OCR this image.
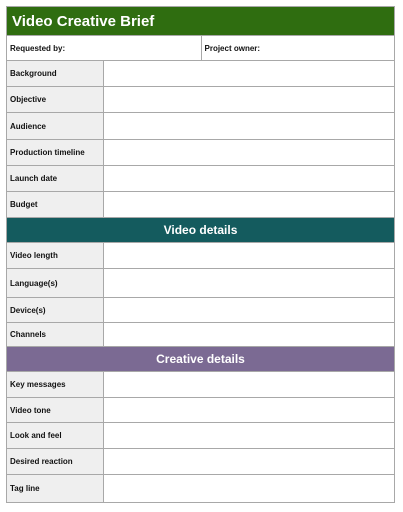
Video Creative Brief
Requested by:	Project owner:
Background
Objective
Audience
Production timeline
Launch date
Budget
Video details
Video length
Language(s)
Device(s)
Channels
Creative details
Key messages
Video tone
Look and feel
Desired reaction
Tag line
